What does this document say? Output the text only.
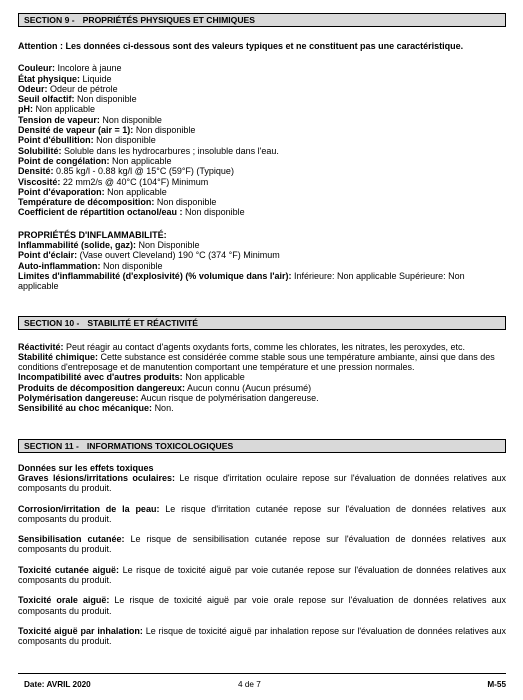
SECTION 9 - PROPRIÉTÉS PHYSIQUES ET CHIMIQUES
Attention : Les données ci-dessous sont des valeurs typiques et ne constituent pas une caractéristique.
Couleur: Incolore à jaune
État physique: Liquide
Odeur: Odeur de pétrole
Seuil olfactif: Non disponible
pH: Non applicable
Tension de vapeur: Non disponible
Densité de vapeur (air = 1): Non disponible
Point d'ébullition: Non disponible
Solubilité: Soluble dans les hydrocarbures ; insoluble dans l'eau.
Point de congélation: Non applicable
Densité: 0.85 kg/l - 0.88 kg/l @ 15°C (59°F) (Typique)
Viscosité: 22 mm2/s @ 40°C (104°F) Minimum
Point d'évaporation: Non applicable
Température de décomposition: Non disponible
Coefficient de répartition octanol/eau : Non disponible
PROPRIÉTÉS D'INFLAMMABILITÉ:
Inflammabilité (solide, gaz): Non Disponible
Point d'éclair: (Vase ouvert Cleveland) 190 °C (374 °F) Minimum
Auto-inflammation: Non disponible
Limites d'inflammabilité (d'explosivité) (% volumique dans l'air): Inférieure: Non applicable Supérieure: Non applicable
SECTION 10 - STABILITÉ ET RÉACTIVITÉ
Réactivité: Peut réagir au contact d'agents oxydants forts, comme les chlorates, les nitrates, les peroxydes, etc.
Stabilité chimique: Cette substance est considérée comme stable sous une température ambiante, ainsi que dans des conditions d'entreposage et de manutention comportant une température et une pression normales.
Incompatibilité avec d'autres produits: Non applicable
Produits de décomposition dangereux: Aucun connu (Aucun présumé)
Polymérisation dangereuse: Aucun risque de polymérisation dangereuse.
Sensibilité au choc mécanique: Non.
SECTION 11 - INFORMATIONS TOXICOLOGIQUES
Données sur les effets toxiques
Graves lésions/irritations oculaires: Le risque d'irritation oculaire repose sur l'évaluation de données relatives aux composants du produit.
Corrosion/irritation de la peau: Le risque d'irritation cutanée repose sur l'évaluation de données relatives aux composants du produit.
Sensibilisation cutanée: Le risque de sensibilisation cutanée repose sur l'évaluation de données relatives aux composants du produit.
Toxicité cutanée aiguë: Le risque de toxicité aiguë par voie cutanée repose sur l'évaluation de données relatives aux composants du produit.
Toxicité orale aiguë: Le risque de toxicité aiguë par voie orale repose sur l'évaluation de données relatives aux composants du produit.
Toxicité aiguë par inhalation: Le risque de toxicité aiguë par inhalation repose sur l'évaluation de données relatives aux composants du produit.
Date: AVRIL 2020	4 de 7	M-55
